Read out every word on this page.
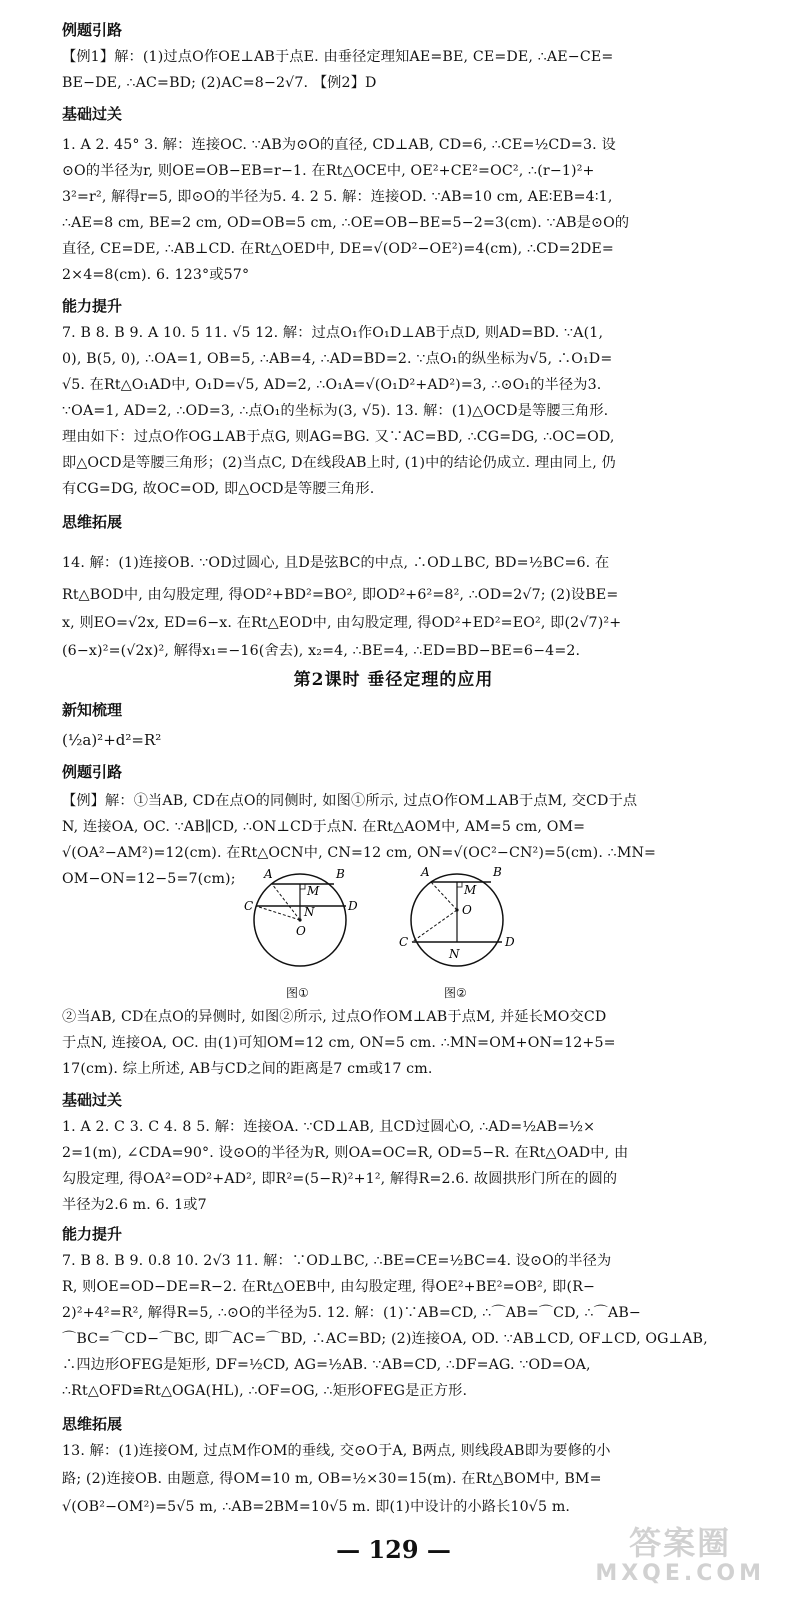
例题引路
【例1】解：(1)过点O作OE⊥AB于点E. 由垂径定理知AE=BE, CE=DE, ∴AE−CE=
BE−DE, ∴AC=BD; (2)AC=8−2√7. 【例2】D
基础过关
1. A 2. 45° 3. 解：连接OC. ∵AB为⊙O的直径, CD⊥AB, CD=6, ∴CE=½CD=3. 设
⊙O的半径为r, 则OE=OB−EB=r−1. 在Rt△OCE中, OE²+CE²=OC², ∴(r−1)²+
3²=r², 解得r=5, 即⊙O的半径为5. 4. 2 5. 解：连接OD. ∵AB=10 cm, AE∶EB=4∶1,
∴AE=8 cm, BE=2 cm, OD=OB=5 cm, ∴OE=OB−BE=5−2=3(cm). ∵AB是⊙O的
直径, CE=DE, ∴AB⊥CD. 在Rt△OED中, DE=√(OD²−OE²)=4(cm), ∴CD=2DE=
2×4=8(cm). 6. 123°或57°
能力提升
7. B 8. B 9. A 10. 5 11. √5 12. 解：过点O₁作O₁D⊥AB于点D, 则AD=BD. ∵A(1,
0), B(5, 0), ∴OA=1, OB=5, ∴AB=4, ∴AD=BD=2. ∵点O₁的纵坐标为√5, ∴O₁D=
√5. 在Rt△O₁AD中, O₁D=√5, AD=2, ∴O₁A=√(O₁D²+AD²)=3, ∴⊙O₁的半径为3.
∵OA=1, AD=2, ∴OD=3, ∴点O₁的坐标为(3, √5). 13. 解：(1)△OCD是等腰三角形.
理由如下：过点O作OG⊥AB于点G, 则AG=BG. 又∵AC=BD, ∴CG=DG, ∴OC=OD,
即△OCD是等腰三角形；(2)当点C, D在线段AB上时, (1)中的结论仍成立. 理由同上, 仍
有CG=DG, 故OC=OD, 即△OCD是等腰三角形.
思维拓展
14. 解：(1)连接OB. ∵OD过圆心, 且D是弦BC的中点, ∴OD⊥BC, BD=½BC=6. 在
Rt△BOD中, 由勾股定理, 得OD²+BD²=BO², 即OD²+6²=8², ∴OD=2√7; (2)设BE=
x, 则EO=√2x, ED=6−x. 在Rt△EOD中, 由勾股定理, 得OD²+ED²=EO², 即(2√7)²+
(6−x)²=(√2x)², 解得x₁=−16(舍去), x₂=4, ∴BE=4, ∴ED=BD−BE=6−4=2.
第2课时 垂径定理的应用
新知梳理
(½a)²+d²=R²
例题引路
【例】解：①当AB, CD在点O的同侧时, 如图①所示, 过点O作OM⊥AB于点M, 交CD于点
N, 连接OA, OC. ∵AB∥CD, ∴ON⊥CD于点N. 在Rt△AOM中, AM=5 cm, OM=
√(OA²−AM²)=12(cm). 在Rt△OCN中, CN=12 cm, ON=√(OC²−CN²)=5(cm). ∴MN=
OM−ON=12−5=7(cm);	A	B
C	D
M
N
O
图①
A	B
C	D
M
N
O
图②
②当AB, CD在点O的异侧时, 如图②所示, 过点O作OM⊥AB于点M, 并延长MO交CD
于点N, 连接OA, OC. 由(1)可知OM=12 cm, ON=5 cm. ∴MN=OM+ON=12+5=
17(cm). 综上所述, AB与CD之间的距离是7 cm或17 cm.
基础过关
1. A 2. C 3. C 4. 8 5. 解：连接OA. ∵CD⊥AB, 且CD过圆心O, ∴AD=½AB=½×
2=1(m), ∠CDA=90°. 设⊙O的半径为R, 则OA=OC=R, OD=5−R. 在Rt△OAD中, 由
勾股定理, 得OA²=OD²+AD², 即R²=(5−R)²+1², 解得R=2.6. 故圆拱形门所在的圆的
半径为2.6 m. 6. 1或7
能力提升
7. B 8. B 9. 0.8 10. 2√3 11. 解：∵OD⊥BC, ∴BE=CE=½BC=4. 设⊙O的半径为
R, 则OE=OD−DE=R−2. 在Rt△OEB中, 由勾股定理, 得OE²+BE²=OB², 即(R−
2)²+4²=R², 解得R=5, ∴⊙O的半径为5. 12. 解：(1)∵AB=CD, ∴⌒AB=⌒CD, ∴⌒AB−
⌒BC=⌒CD−⌒BC, 即⌒AC=⌒BD, ∴AC=BD; (2)连接OA, OD. ∵AB⊥CD, OF⊥CD, OG⊥AB,
∴四边形OFEG是矩形, DF=½CD, AG=½AB. ∵AB=CD, ∴DF=AG. ∵OD=OA,
∴Rt△OFD≌Rt△OGA(HL), ∴OF=OG, ∴矩形OFEG是正方形.
思维拓展
13. 解：(1)连接OM, 过点M作OM的垂线, 交⊙O于A, B两点, 则线段AB即为要修的小
路; (2)连接OB. 由题意, 得OM=10 m, OB=½×30=15(m). 在Rt△BOM中, BM=
√(OB²−OM²)=5√5 m, ∴AB=2BM=10√5 m. 即(1)中设计的小路长10√5 m.
— 129 —	答案圈
MXQE.COM
